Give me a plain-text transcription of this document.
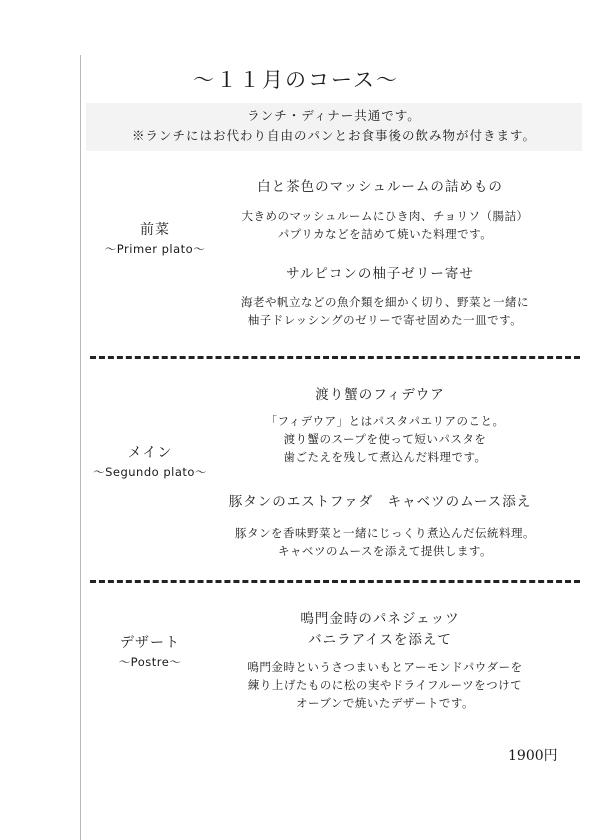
～１１月のコース～
ランチ・ディナー共通です。
※ランチにはお代わり自由のパンとお食事後の飲み物が付きます。
前菜
～Primer plato～
白と茶色のマッシュルームの詰めもの
大きめのマッシュルームにひき肉、チョリソ（腸詰）
パプリカなどを詰めて焼いた料理です。
サルピコンの柚子ゼリー寄せ
海老や帆立などの魚介類を細かく切り、野菜と一緒に
柚子ドレッシングのゼリーで寄せ固めた一皿です。
メイン
～Segundo plato～
渡り蟹のフィデウア
「フィデウア」とはパスタパエリアのこと。
渡り蟹のスープを使って短いパスタを
歯ごたえを残して煮込んだ料理です。
豚タンのエストファダ　キャベツのムース添え
豚タンを香味野菜と一緒にじっくり煮込んだ伝統料理。
キャベツのムースを添えて提供します。
デザート
～Postre～
鳴門金時のパネジェッツ
バニラアイスを添えて
鳴門金時というさつまいもとアーモンドパウダーを
練り上げたものに松の実やドライフルーツをつけて
オーブンで焼いたデザートです。
1900円
